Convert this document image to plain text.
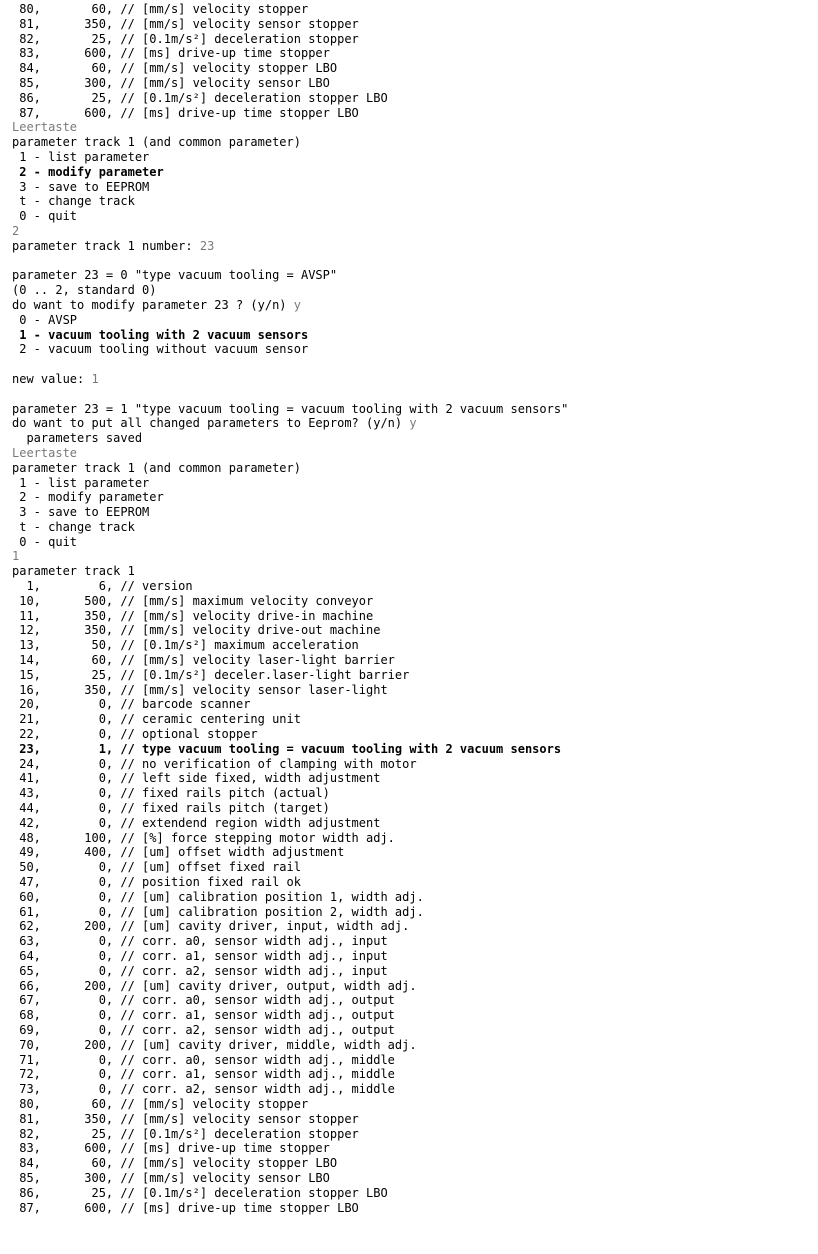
80,       60, // [mm/s] velocity stopper
81,      350, // [mm/s] velocity sensor stopper
82,       25, // [0.1m/s²] deceleration stopper
83,      600, // [ms] drive-up time stopper
84,       60, // [mm/s] velocity stopper LBO
85,      300, // [mm/s] velocity sensor LBO
86,       25, // [0.1m/s²] deceleration stopper LBO
87,      600, // [ms] drive-up time stopper LBO
Leertaste
parameter track 1 (and common parameter)
1 - list parameter
2 - modify parameter
3 - save to EEPROM
t - change track
0 - quit
2
parameter track 1 number: 23
parameter 23 = 0 "type vacuum tooling = AVSP"
(0 .. 2, standard 0)
do want to modify parameter 23 ? (y/n) y
0 - AVSP
1 - vacuum tooling with 2 vacuum sensors
2 - vacuum tooling without vacuum sensor
new value: 1
parameter 23 = 1 "type vacuum tooling = vacuum tooling with 2 vacuum sensors"
do want to put all changed parameters to Eeprom? (y/n) y
parameters saved
Leertaste
parameter track 1 (and common parameter)
1 - list parameter
2 - modify parameter
3 - save to EEPROM
t - change track
0 - quit
1
parameter track 1
1,        6, // version
10,      500, // [mm/s] maximum velocity conveyor
11,      350, // [mm/s] velocity drive-in machine
12,      350, // [mm/s] velocity drive-out machine
13,       50, // [0.1m/s²] maximum acceleration
14,       60, // [mm/s] velocity laser-light barrier
15,       25, // [0.1m/s²] deceler.laser-light barrier
16,      350, // [mm/s] velocity sensor laser-light
20,        0, // barcode scanner
21,        0, // ceramic centering unit
22,        0, // optional stopper
23,        1, // type vacuum tooling = vacuum tooling with 2 vacuum sensors
24,        0, // no verification of clamping with motor
41,        0, // left side fixed, width adjustment
43,        0, // fixed rails pitch (actual)
44,        0, // fixed rails pitch (target)
42,        0, // extendend region width adjustment
48,      100, // [%] force stepping motor width adj.
49,      400, // [um] offset width adjustment
50,        0, // [um] offset fixed rail
47,        0, // position fixed rail ok
60,        0, // [um] calibration position 1, width adj.
61,        0, // [um] calibration position 2, width adj.
62,      200, // [um] cavity driver, input, width adj.
63,        0, // corr. a0, sensor width adj., input
64,        0, // corr. a1, sensor width adj., input
65,        0, // corr. a2, sensor width adj., input
66,      200, // [um] cavity driver, output, width adj.
67,        0, // corr. a0, sensor width adj., output
68,        0, // corr. a1, sensor width adj., output
69,        0, // corr. a2, sensor width adj., output
70,      200, // [um] cavity driver, middle, width adj.
71,        0, // corr. a0, sensor width adj., middle
72,        0, // corr. a1, sensor width adj., middle
73,        0, // corr. a2, sensor width adj., middle
80,       60, // [mm/s] velocity stopper
81,      350, // [mm/s] velocity sensor stopper
82,       25, // [0.1m/s²] deceleration stopper
83,      600, // [ms] drive-up time stopper
84,       60, // [mm/s] velocity stopper LBO
85,      300, // [mm/s] velocity sensor LBO
86,       25, // [0.1m/s²] deceleration stopper LBO
87,      600, // [ms] drive-up time stopper LBO
